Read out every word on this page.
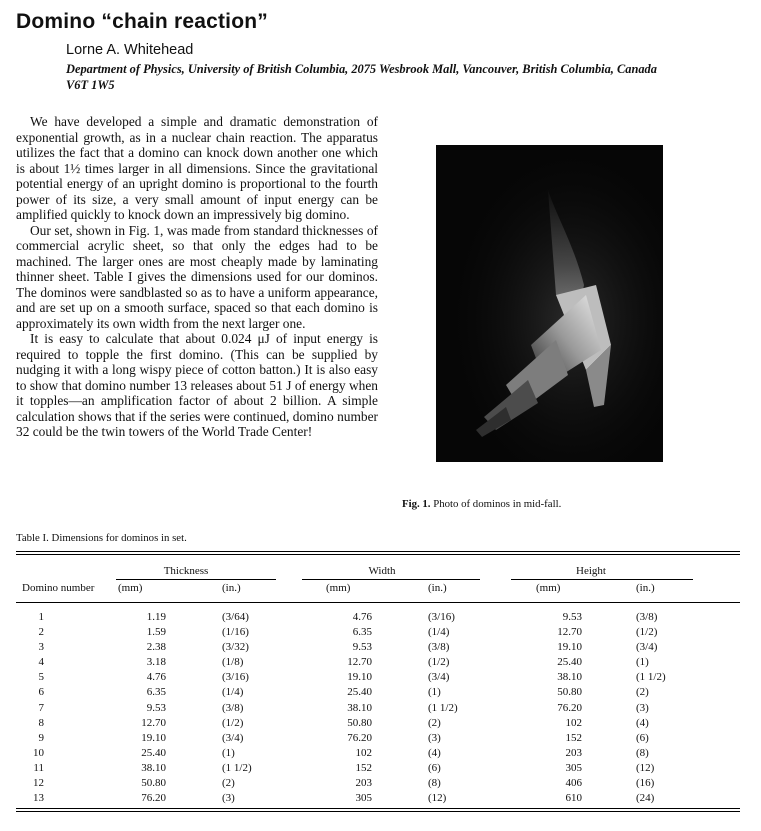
Domino “chain reaction”
Lorne A. Whitehead
Department of Physics, University of British Columbia, 2075 Wesbrook Mall, Vancouver, British Columbia, Canada V6T 1W5

We have developed a simple and dramatic demonstration of exponential growth, as in a nuclear chain reaction. The apparatus utilizes the fact that a domino can knock down another one which is about 1½ times larger in all dimensions. Since the gravitational potential energy of an upright domino is proportional to the fourth power of its size, a very small amount of input energy can be amplified quickly to knock down an impressively big domino.

Our set, shown in Fig. 1, was made from standard thicknesses of commercial acrylic sheet, so that only the edges had to be machined. The larger ones are most cheaply made by laminating thinner sheet. Table I gives the dimensions used for our dominos. The dominos were sandblasted so as to have a uniform appearance, and are set up on a smooth surface, spaced so that each domino is approximately its own width from the next larger one.

It is easy to calculate that about 0.024 μJ of input energy is required to topple the first domino. (This can be supplied by nudging it with a long wispy piece of cotton batton.) It is also easy to show that domino number 13 releases about 51 J of energy when it topples—an amplification factor of about 2 billion. A simple calculation shows that if the series were continued, domino number 32 could be the twin towers of the World Trade Center!

Fig. 1. Photo of dominos in mid-fall.
Table I. Dimensions for dominos in set.
Thickness	Width	Height
Domino number (mm)	(in.)	(mm)	(in.)	(mm)	(in.)
1	1.19	(3/64)	4.76	(3/16)	9.53	(3/8)
2	1.59	(1/16)	6.35	(1/4)	12.70	(1/2)
3	2.38	(3/32)	9.53	(3/8)	19.10	(3/4)
4	3.18	(1/8)	12.70	(1/2)	25.40	(1)
5	4.76	(3/16)	19.10	(3/4)	38.10	(1 1/2)
6	6.35	(1/4)	25.40	(1)	50.80	(2)
7	9.53	(3/8)	38.10	(1 1/2)	76.20	(3)
8	12.70	(1/2)	50.80	(2)	102	(4)
9	19.10	(3/4)	76.20	(3)	152	(6)
10	25.40	(1)	102	(4)	203	(8)
11	38.10	(1 1/2)	152	(6)	305	(12)
12	50.80	(2)	203	(8)	406	(16)
13	76.20	(3)	305	(12)	610	(24)
